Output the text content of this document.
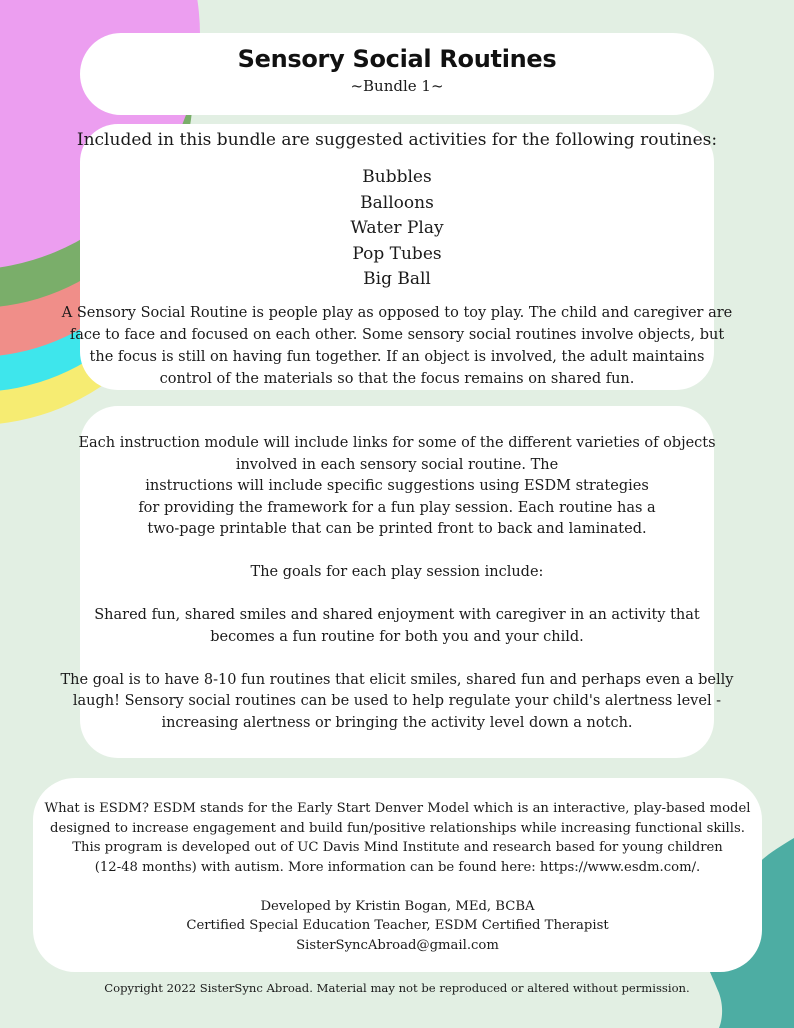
Sensory Social Routines
~Bundle 1~
Included in this bundle are suggested activities for the following routines:
Bubbles
Balloons
Water Play
Pop Tubes
Big Ball

A Sensory Social Routine is people play as opposed to toy play. The child and caregiver are

face to face and focused on each other. Some sensory social routines involve objects, but

the focus is still on having fun together. If an object is involved, the adult maintains

control of the materials so that the focus remains on shared fun.

Each instruction module will include links for some of the different varieties of objects

involved in each sensory social routine. The

instructions will include specific suggestions using ESDM strategies

for providing the framework for a fun play session. Each routine has a

two-page printable that can be printed front to back and laminated.

The goals for each play session include:

Shared fun, shared smiles and shared enjoyment with caregiver in an activity that

becomes a fun routine for both you and your child.

The goal is to have 8-10 fun routines that elicit smiles, shared fun and perhaps even a belly

laugh! Sensory social routines can be used to help regulate your child's alertness level -

increasing alertness or bringing the activity level down a notch.

What is ESDM? ESDM stands for the Early Start Denver Model which is an interactive, play-based model

designed to increase engagement and build fun/positive relationships while increasing functional skills.

This program is developed out of UC Davis Mind Institute and research based for young children

(12-48 months) with autism. More information can be found here: https://www.esdm.com/.

Developed by Kristin Bogan, MEd, BCBA

Certified Special Education Teacher, ESDM Certified Therapist

SisterSyncAbroad@gmail.com

Copyright 2022 SisterSync Abroad. Material may not be reproduced or altered without permission.
